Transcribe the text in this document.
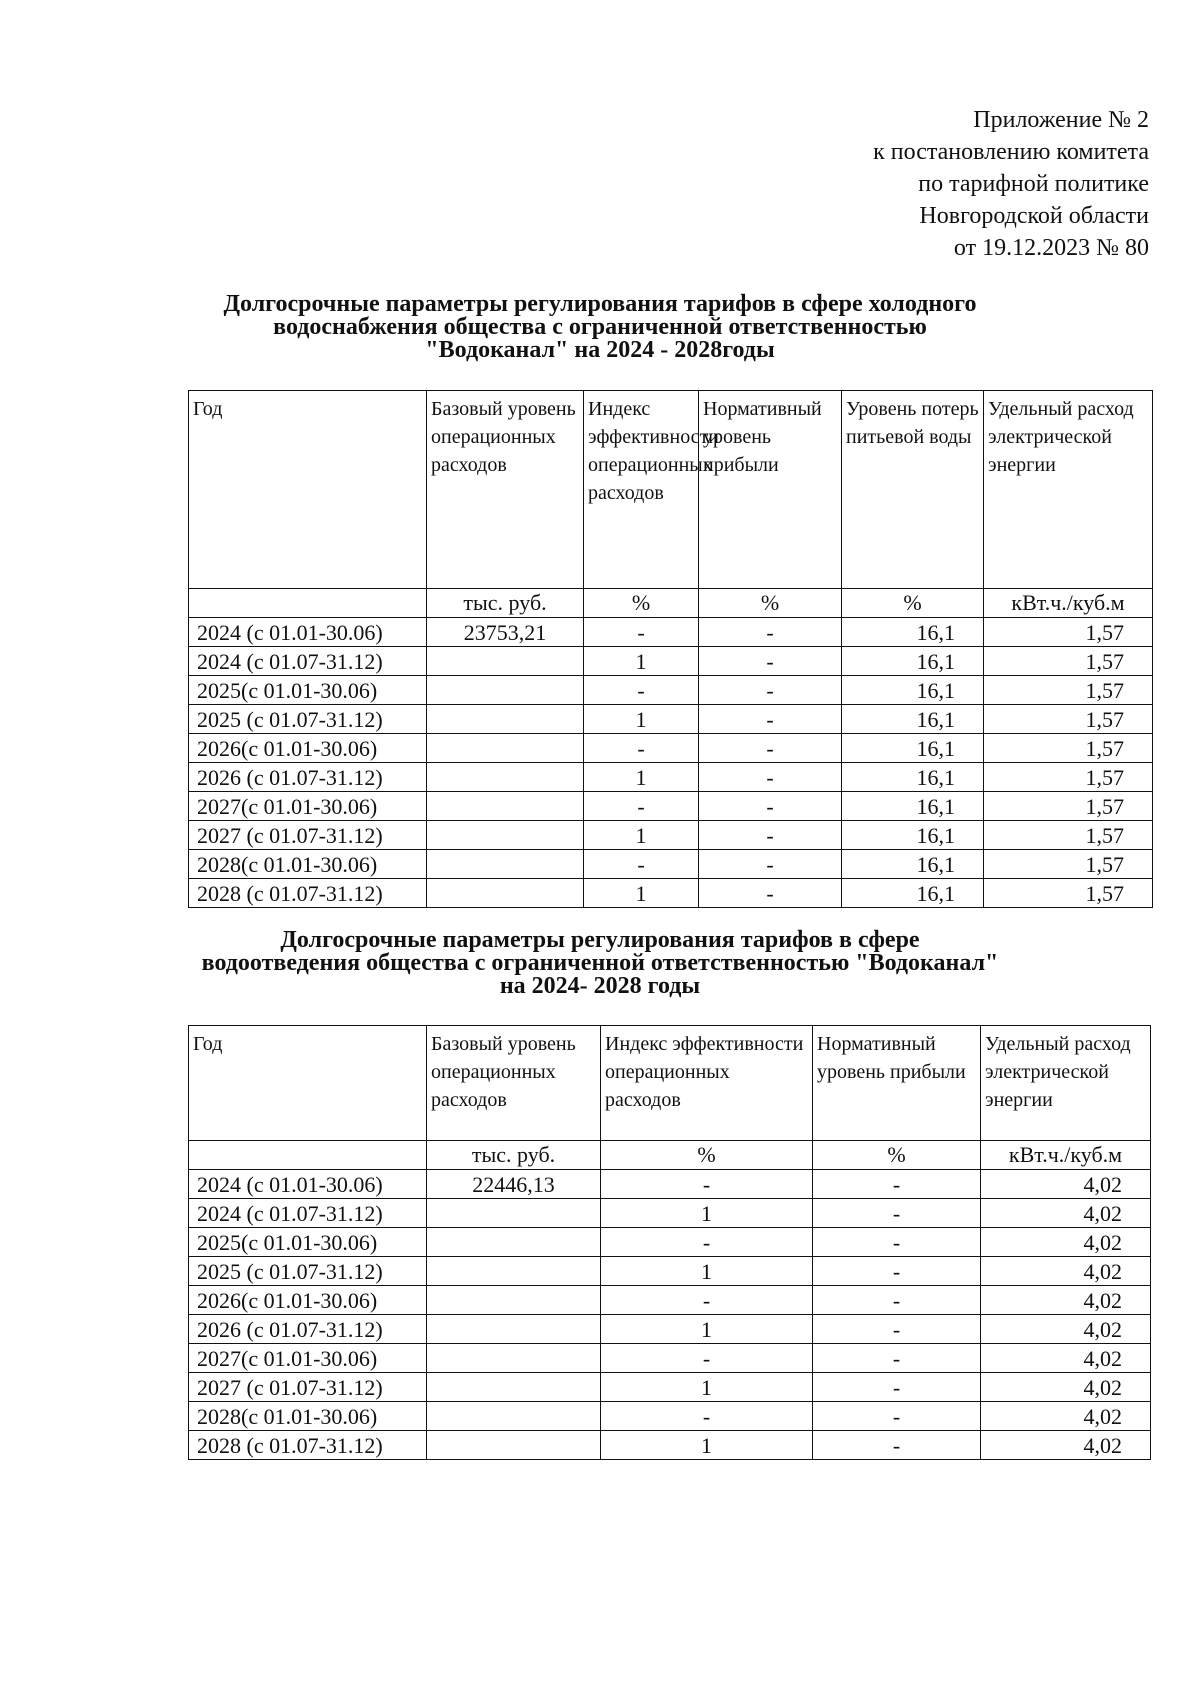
Приложение № 2
к постановлению комитета
по тарифной политике
Новгородской области
от 19.12.2023 № 80
Долгосрочные параметры регулирования тарифов в сфере холодного
водоснабжения общества с ограниченной ответственностью
"Водоканал" на 2024 - 2028годы
Год	Базовый уровень операционных расходов	Индекс эффективности операционных расходов	Нормативный уровень прибыли	Уровень потерь питьевой воды	Удельный расход электрической энергии
	тыс. руб.	%	%	%	кВт.ч./куб.м
2024 (с 01.01-30.06)	23753,21	-	-	16,1	1,57
2024 (с 01.07-31.12)		1	-	16,1	1,57
2025(с 01.01-30.06)		-	-	16,1	1,57
2025 (с 01.07-31.12)		1	-	16,1	1,57
2026(с 01.01-30.06)		-	-	16,1	1,57
2026 (с 01.07-31.12)		1	-	16,1	1,57
2027(с 01.01-30.06)		-	-	16,1	1,57
2027 (с 01.07-31.12)		1	-	16,1	1,57
2028(с 01.01-30.06)		-	-	16,1	1,57
2028 (с 01.07-31.12)		1	-	16,1	1,57
Долгосрочные параметры регулирования тарифов в сфере
водоотведения общества с ограниченной ответственностью "Водоканал"
на 2024- 2028 годы
Год	Базовый уровень операционных расходов	Индекс эффективности операционных расходов	Нормативный уровень прибыли	Удельный расход электрической энергии
	тыс. руб.	%	%	кВт.ч./куб.м
2024 (с 01.01-30.06)	22446,13	-	-	4,02
2024 (с 01.07-31.12)		1	-	4,02
2025(с 01.01-30.06)		-	-	4,02
2025 (с 01.07-31.12)		1	-	4,02
2026(с 01.01-30.06)		-	-	4,02
2026 (с 01.07-31.12)		1	-	4,02
2027(с 01.01-30.06)		-	-	4,02
2027 (с 01.07-31.12)		1	-	4,02
2028(с 01.01-30.06)		-	-	4,02
2028 (с 01.07-31.12)		1	-	4,02
